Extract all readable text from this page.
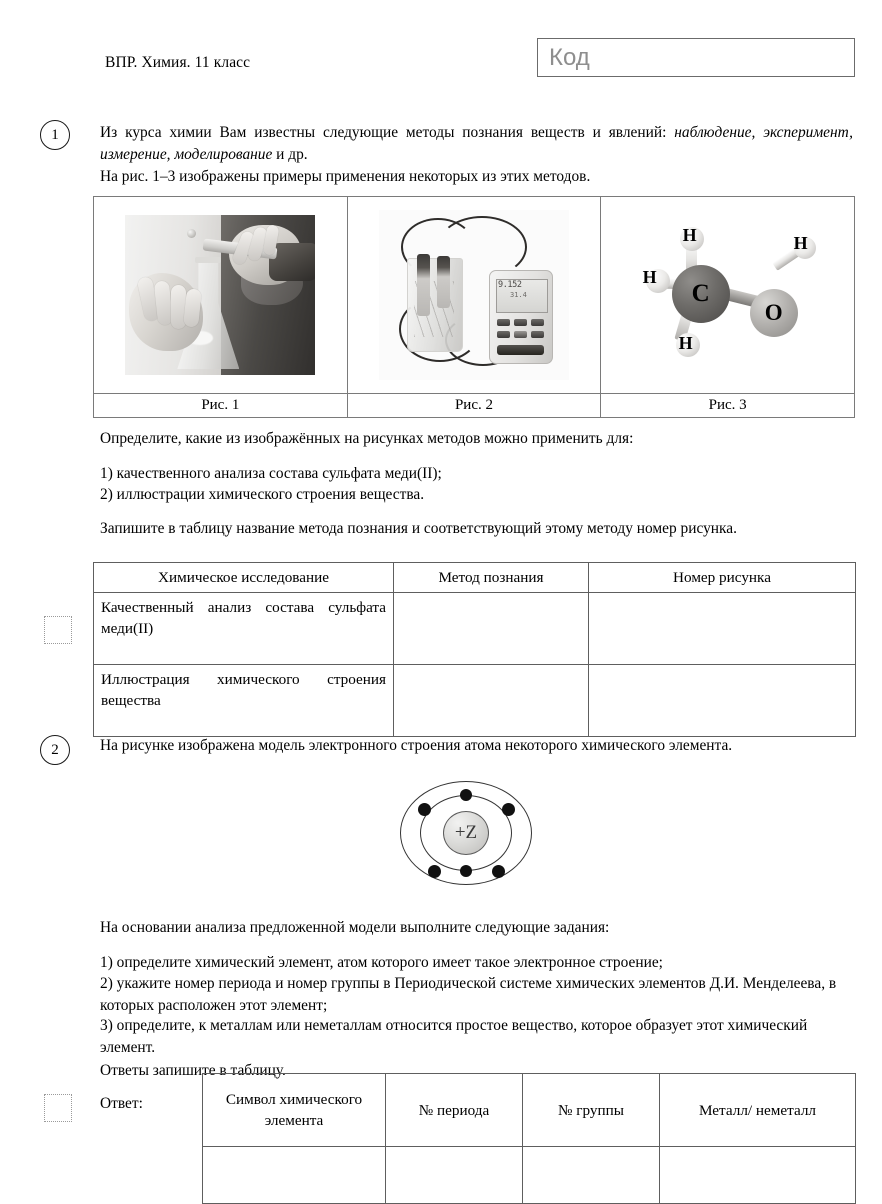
ВПР. Химия. 11 класс	Код
1	Из курса химии Вам известны следующие методы познания веществ и явлений: наблюдение, эксперимент, измерение, моделирование и др.
На рис. 1–3 изображены примеры применения некоторых из этих методов.

9.152
31.4	C
O
H
H
H
H

Рис. 1	Рис. 2	Рис. 3
Определите, какие из изображённых на рисунках методов можно применить для:
1) качественного анализа состава сульфата меди(II);
2) иллюстрации химического строения вещества.
Запишите в таблицу название метода познания и соответствующий этому методу номер рисунка.
Химическое исследование	Метод познания	Номер рисунка
Качественный анализ состава сульфата меди(II)		
Иллюстрация химического строения вещества		
2	На рисунке изображена модель электронного строения атома некоторого химического элемента.
+Z
На основании анализа предложенной модели выполните следующие задания:
1) определите химический элемент, атом которого имеет такое электронное строение;
2) укажите номер периода и номер группы в Периодической системе химических элементов Д.И. Менделеева, в которых расположен этот элемент;
3) определите, к металлам или неметаллам относится простое вещество, которое образует этот химический элемент.
Ответы запишите в таблицу.
Ответ:	Символ химического элемента	№ периода	№ группы	Металл/ неметалл
